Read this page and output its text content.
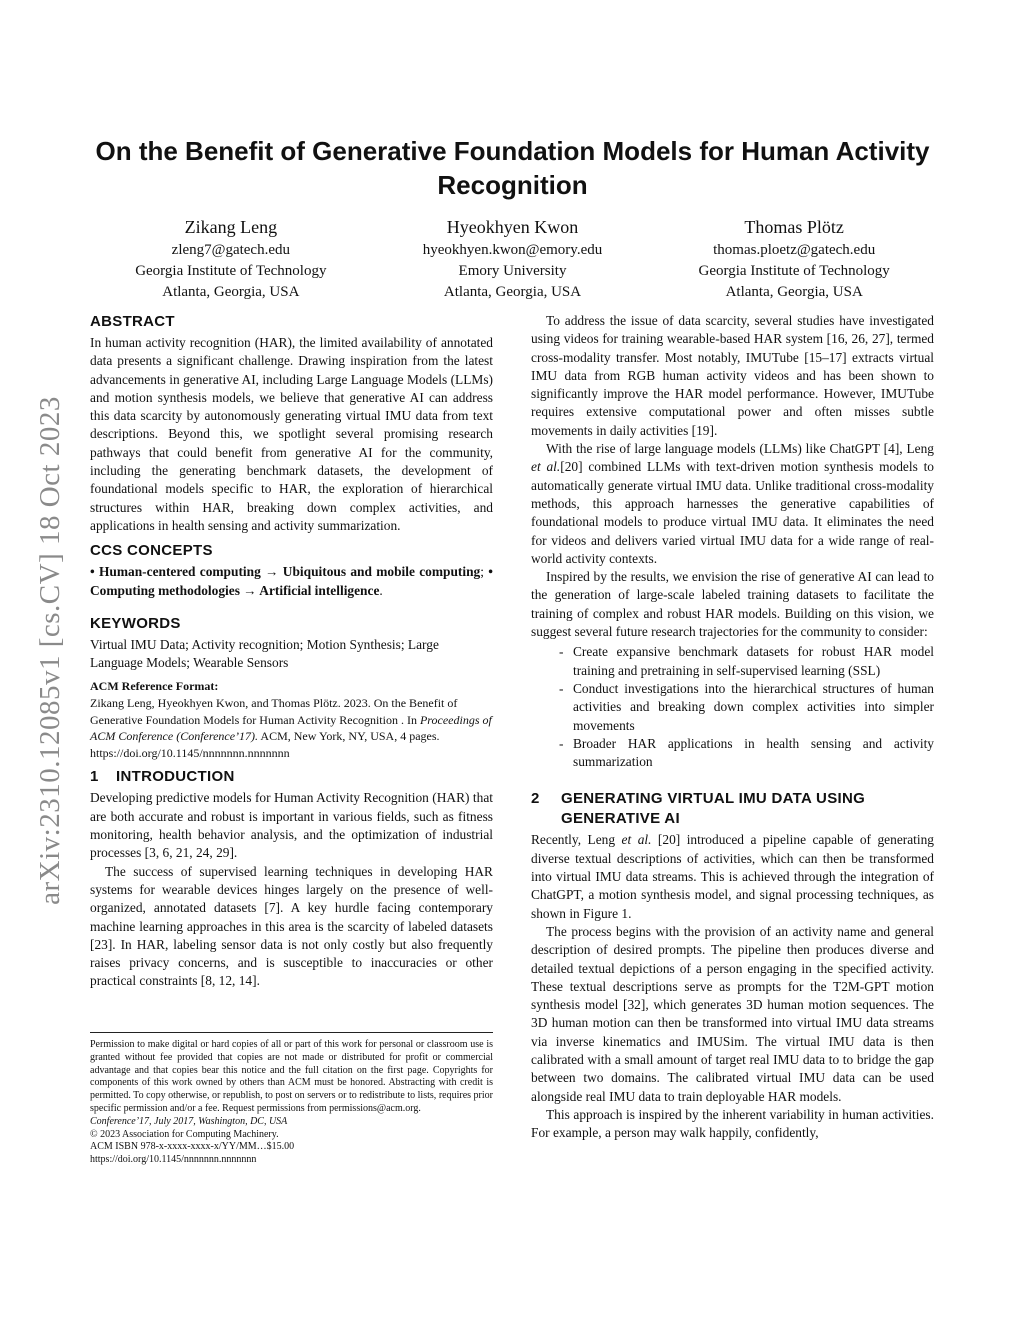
arXiv:2310.12085v1 [cs.CV] 18 Oct 2023
On the Benefit of Generative Foundation Models for Human Activity Recognition
Zikang Leng
zleng7@gatech.edu
Georgia Institute of Technology
Atlanta, Georgia, USA
Hyeokhyen Kwon
hyeokhyen.kwon@emory.edu
Emory University
Atlanta, Georgia, USA
Thomas Plötz
thomas.ploetz@gatech.edu
Georgia Institute of Technology
Atlanta, Georgia, USA
ABSTRACT

In human activity recognition (HAR), the limited availability of annotated data presents a significant challenge. Drawing inspiration from the latest advancements in generative AI, including Large Language Models (LLMs) and motion synthesis models, we believe that generative AI can address this data scarcity by autonomously generating virtual IMU data from text descriptions. Beyond this, we spotlight several promising research pathways that could benefit from generative AI for the community, including the generating benchmark datasets, the development of foundational models specific to HAR, the exploration of hierarchical structures within HAR, breaking down complex activities, and applications in health sensing and activity summarization.

CCS CONCEPTS

• Human-centered computing → Ubiquitous and mobile computing; • Computing methodologies → Artificial intelligence.

KEYWORDS

Virtual IMU Data; Activity recognition; Motion Synthesis; Large Language Models; Wearable Sensors

ACM Reference Format:

Zikang Leng, Hyeokhyen Kwon, and Thomas Plötz. 2023. On the Benefit of Generative Foundation Models for Human Activity Recognition . In Proceedings of ACM Conference (Conference’17). ACM, New York, NY, USA, 4 pages. https://doi.org/10.1145/nnnnnnn.nnnnnnn

1 INTRODUCTION

Developing predictive models for Human Activity Recognition (HAR) that are both accurate and robust is important in various fields, such as fitness monitoring, health behavior analysis, and the optimization of industrial processes [3, 6, 21, 24, 29].

The success of supervised learning techniques in developing HAR systems for wearable devices hinges largely on the presence of well-organized, annotated datasets [7]. A key hurdle facing contemporary machine learning approaches in this area is the scarcity of labeled datasets [23]. In HAR, labeling sensor data is not only costly but also frequently raises privacy concerns, and is susceptible to inaccuracies or other practical constraints [8, 12, 14].

Permission to make digital or hard copies of all or part of this work for personal or classroom use is granted without fee provided that copies are not made or distributed for profit or commercial advantage and that copies bear this notice and the full citation on the first page. Copyrights for components of this work owned by others than ACM must be honored. Abstracting with credit is permitted. To copy otherwise, or republish, to post on servers or to redistribute to lists, requires prior specific permission and/or a fee. Request permissions from permissions@acm.org.

Conference’17, July 2017, Washington, DC, USA

© 2023 Association for Computing Machinery.

ACM ISBN 978-x-xxxx-xxxx-x/YY/MM…$15.00

https://doi.org/10.1145/nnnnnnn.nnnnnnn

To address the issue of data scarcity, several studies have investigated using videos for training wearable-based HAR system [16, 26, 27], termed cross-modality transfer. Most notably, IMUTube [15–17] extracts virtual IMU data from RGB human activity videos and has been shown to significantly improve the HAR model performance. However, IMUTube requires extensive computational power and often misses subtle movements in daily activities [19].

With the rise of large language models (LLMs) like ChatGPT [4], Leng et al.[20] combined LLMs with text-driven motion synthesis models to automatically generate virtual IMU data. Unlike traditional cross-modality methods, this approach harnesses the generative capabilities of foundational models to produce virtual IMU data. It eliminates the need for videos and delivers varied virtual IMU data for a wide range of real-world activity contexts.

Inspired by the results, we envision the rise of generative AI can lead to the generation of large-scale labeled training datasets to facilitate the training of complex and robust HAR models. Building on this vision, we suggest several future research trajectories for the community to consider:

- Create expansive benchmark datasets for robust HAR model training and pretraining in self-supervised learning (SSL)
- Conduct investigations into the hierarchical structures of human activities and breaking down complex activities into simpler movements
- Broader HAR applications in health sensing and activity summarization
2	GENERATING VIRTUAL IMU DATA USING GENERATIVE AI

Recently, Leng et al. [20] introduced a pipeline capable of generating diverse textual descriptions of activities, which can then be transformed into virtual IMU data streams. This is achieved through the integration of ChatGPT, a motion synthesis model, and signal processing techniques, as shown in Figure 1.

The process begins with the provision of an activity name and general description of desired prompts. The pipeline then produces diverse and detailed textual depictions of a person engaging in the specified activity. These textual descriptions serve as prompts for the T2M-GPT motion synthesis model [32], which generates 3D human motion sequences. The 3D human motion can then be transformed into virtual IMU data streams via inverse kinematics and IMUSim. The virtual IMU data is then calibrated with a small amount of target real IMU data to to bridge the gap between two domains. The calibrated virtual IMU data can be used alongside real IMU data to train deployable HAR models.

This approach is inspired by the inherent variability in human activities. For example, a person may walk happily, confidently,
